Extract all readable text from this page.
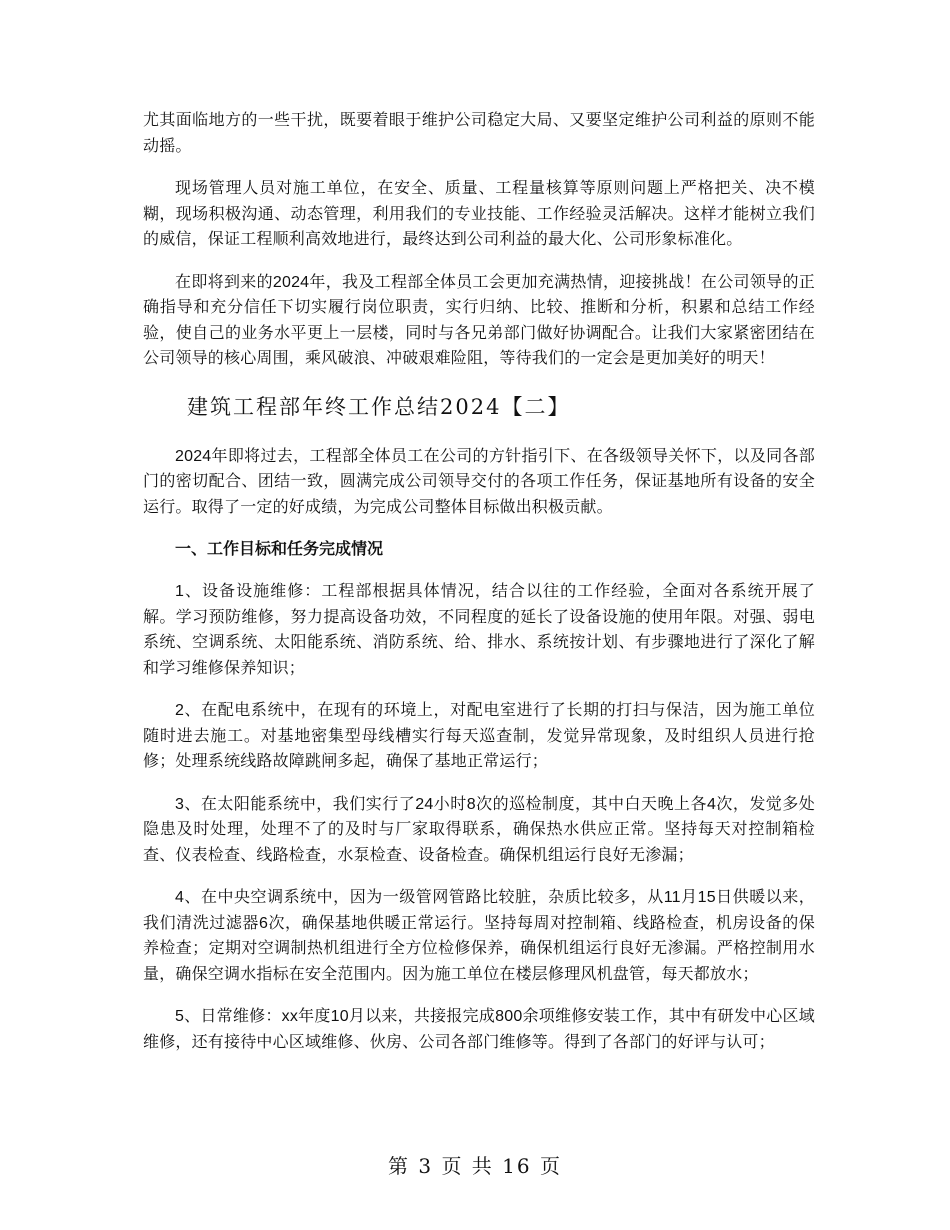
尤其面临地方的一些干扰，既要着眼于维护公司稳定大局、又要坚定维护公司利益的原则不能动摇。

现场管理人员对施工单位，在安全、质量、工程量核算等原则问题上严格把关、决不模糊，现场积极沟通、动态管理，利用我们的专业技能、工作经验灵活解决。这样才能树立我们的威信，保证工程顺利高效地进行，最终达到公司利益的最大化、公司形象标准化。

在即将到来的2024年，我及工程部全体员工会更加充满热情，迎接挑战！在公司领导的正确指导和充分信任下切实履行岗位职责，实行归纳、比较、推断和分析，积累和总结工作经验，使自己的业务水平更上一层楼，同时与各兄弟部门做好协调配合。让我们大家紧密团结在公司领导的核心周围，乘风破浪、冲破艰难险阻，等待我们的一定会是更加美好的明天！

建筑工程部年终工作总结2024【二】

2024年即将过去，工程部全体员工在公司的方针指引下、在各级领导关怀下，以及同各部门的密切配合、团结一致，圆满完成公司领导交付的各项工作任务，保证基地所有设备的安全运行。取得了一定的好成绩，为完成公司整体目标做出积极贡献。

一、工作目标和任务完成情况

1、设备设施维修：工程部根据具体情况，结合以往的工作经验，全面对各系统开展了解。学习预防维修，努力提高设备功效，不同程度的延长了设备设施的使用年限。对强、弱电系统、空调系统、太阳能系统、消防系统、给、排水、系统按计划、有步骤地进行了深化了解和学习维修保养知识；

2、在配电系统中，在现有的环境上，对配电室进行了长期的打扫与保洁，因为施工单位随时进去施工。对基地密集型母线槽实行每天巡查制，发觉异常现象，及时组织人员进行抢修；处理系统线路故障跳闸多起，确保了基地正常运行；

3、在太阳能系统中，我们实行了24小时8次的巡检制度，其中白天晚上各4次，发觉多处隐患及时处理，处理不了的及时与厂家取得联系，确保热水供应正常。坚持每天对控制箱检查、仪表检查、线路检查，水泵检查、设备检查。确保机组运行良好无渗漏；

4、在中央空调系统中，因为一级管网管路比较脏，杂质比较多，从11月15日供暖以来，我们清洗过滤器6次，确保基地供暖正常运行。坚持每周对控制箱、线路检查，机房设备的保养检查；定期对空调制热机组进行全方位检修保养，确保机组运行良好无渗漏。严格控制用水量，确保空调水指标在安全范围内。因为施工单位在楼层修理风机盘管，每天都放水；

5、日常维修：xx年度10月以来，共接报完成800余项维修安装工作，其中有研发中心区域维修，还有接待中心区域维修、伙房、公司各部门维修等。得到了各部门的好评与认可；

第 3 页 共 16 页
